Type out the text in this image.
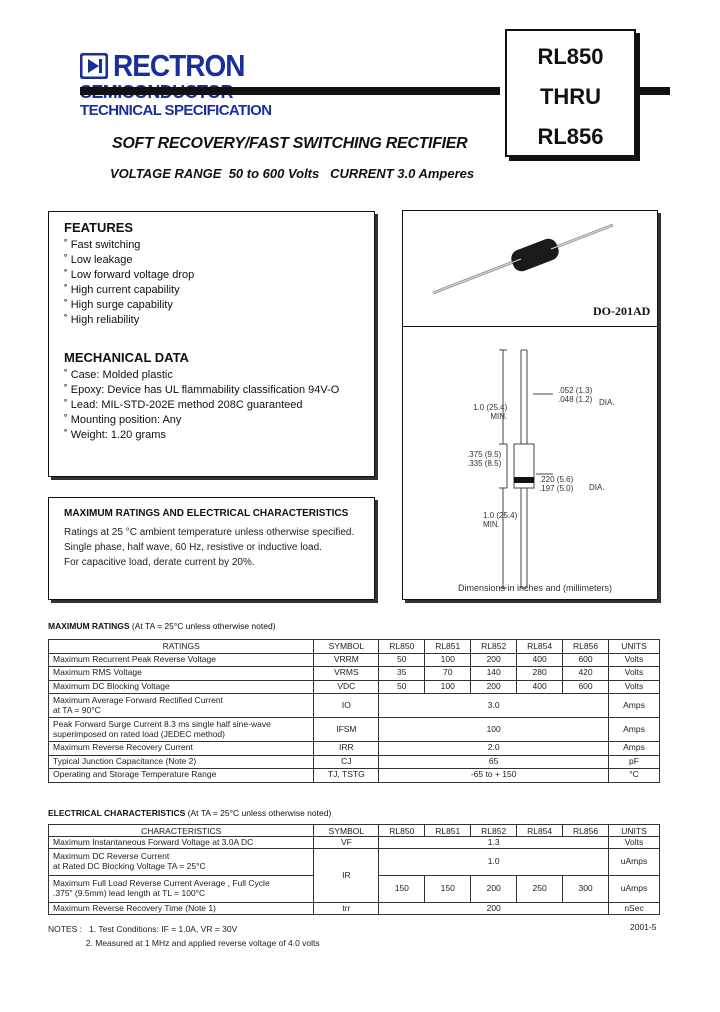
RECTRON
TECHNICAL SPECIFICATION
RL850
THRU
RL856
SOFT RECOVERY/FAST SWITCHING RECTIFIER
VOLTAGE RANGE  50 to 600 Volts   CURRENT 3.0 Amperes
FEATURES
˚ Fast switching
˚ Low leakage
˚ Low forward voltage drop
˚ High current capability
˚ High surge capability
˚ High reliability
MECHANICAL DATA
˚ Case: Molded plastic
˚ Epoxy: Device has UL flammability classification 94V-O
˚ Lead: MIL-STD-202E method 208C guaranteed
˚ Mounting position: Any
˚ Weight: 1.20 grams
DO-201AD
.052 (1.3)
.048 (1.2) DIA.
1.0 (25.4)
MIN.
.375 (9.5)
.335 (8.5)
.220 (5.6)
.197 (5.0) DIA.
1.0 (25.4)
MIN.
Dimensions in inches and (millimeters)
MAXIMUM RATINGS AND ELECTRICAL CHARACTERISTICS
Ratings at 25 °C ambient temperature unless otherwise specified.
Single phase, half wave, 60 Hz, resistive or inductive load.
For capacitive load, derate current by 20%.
MAXIMUM RATINGS (At TA = 25°C unless otherwise noted)
RATINGS	SYMBOL	RL850	RL851	RL852	RL854	RL856	UNITS
Maximum Recurrent Peak Reverse Voltage	VRRM	50	100	200	400	600	Volts
Maximum RMS Voltage	VRMS	35	70	140	280	420	Volts
Maximum DC Blocking Voltage	VDC	50	100	200	400	600	Volts

Maximum Average Forward Rectified Current
at TA = 90°C	IO	3.0					Amps

Peak Forward Surge Current 8.3 ms single half sine-wave
superimposed on rated load (JEDEC method)	IFSM	100					Amps
Maximum Reverse Recovery Current	IRR	2.0					Amps
Typical Junction Capacitance (Note 2)	CJ	65					pF
Operating and Storage Temperature Range	TJ, TSTG	-65 to + 150					°C
ELECTRICAL CHARACTERISTICS (At TA = 25°C unless otherwise noted)
CHARACTERISTICS	SYMBOL	RL850	RL851	RL852	RL854	RL856	UNITS
Maximum Instantaneous Forward Voltage at 3.0A DC	VF	1.3					Volts

Maximum DC Reverse Current
at Rated DC Blocking Voltage TA = 25°C	IR	1.0					uAmps

Maximum Full Load Reverse Current Average , Full Cycle
.375" (9.5mm) lead length at TL = 100°C		150	150	200	250	300	uAmps
Maximum Reverse Recovery Time (Note 1)	trr	200					nSec
NOTES :   1. Test Conditions: IF = 1.0A, VR = 30V
2. Measured at 1 MHz and applied reverse voltage of 4.0 volts
2001-5
